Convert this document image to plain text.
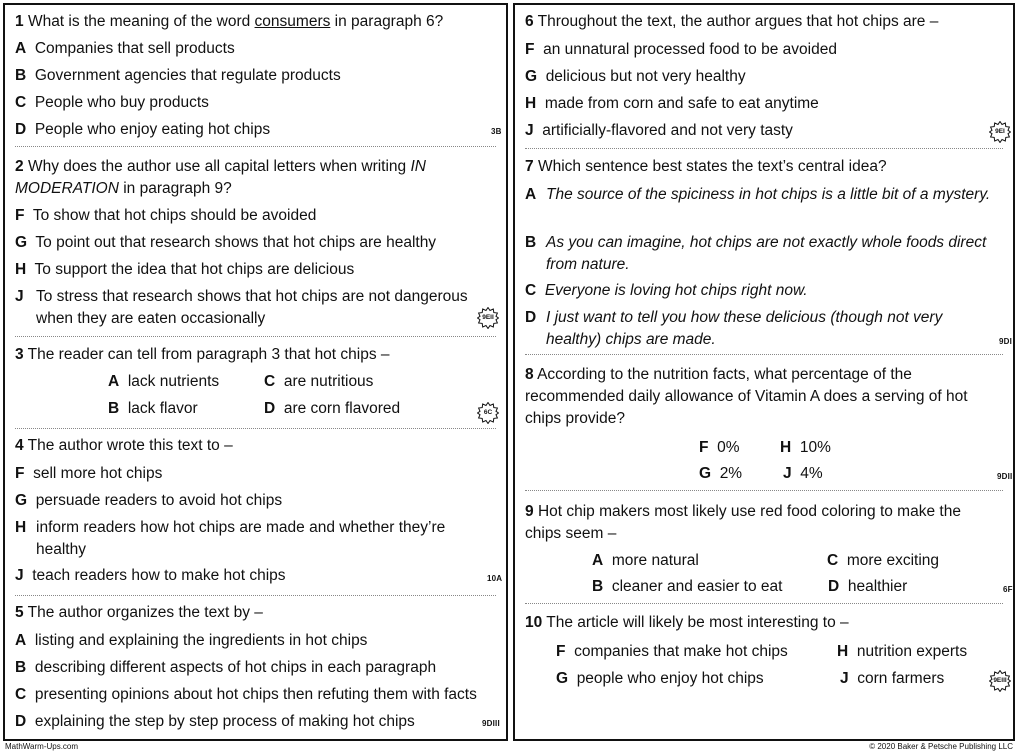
1 What is the meaning of the word consumers in paragraph 6?
A Companies that sell products
B Government agencies that regulate products
C People who buy products
D People who enjoy eating hot chips	3B
2 Why does the author use all capital letters when writing IN MODERATION in paragraph 9?
F To show that hot chips should be avoided
G To point out that research shows that hot chips are healthy
H To support the idea that hot chips are delicious
J To stress that research shows that hot chips are not dangerous when they are eaten occasionally	9EII
3 The reader can tell from paragraph 3 that hot chips –
A lack nutrients
B lack flavor
C are nutritious
D are corn flavored	6C
4 The author wrote this text to –
F sell more hot chips
G persuade readers to avoid hot chips
H inform readers how hot chips are made and whether they’re healthy
J teach readers how to make hot chips	10A
5 The author organizes the text by –
A listing and explaining the ingredients in hot chips
B describing different aspects of hot chips in each paragraph
C presenting opinions about hot chips then refuting them with facts
D explaining the step by step process of making hot chips	9DIII
6 Throughout the text, the author argues that hot chips are –
F an unnatural processed food to be avoided
G delicious but not very healthy
H made from corn and safe to eat anytime
J artificially-flavored and not very tasty	9EI
7 Which sentence best states the text’s central idea?
A The source of the spiciness in hot chips is a little bit of a mystery.
B As you can imagine, hot chips are not exactly whole foods direct from nature.
C Everyone is loving hot chips right now.
D I just want to tell you how these delicious (though not very healthy) chips are made.	9DI
8 According to the nutrition facts, what percentage of the recommended daily allowance of Vitamin A does a serving of hot chips provide?
F 0%
G 2%
H 10%
J 4%	9DII
9 Hot chip makers most likely use red food coloring to make the chips seem –
A more natural
B cleaner and easier to eat
C more exciting
D healthier	6F
10 The article will likely be most interesting to –
F companies that make hot chips
G people who enjoy hot chips
H nutrition experts
J corn farmers	9EIII
MathWarm-Ups.com	© 2020 Baker & Petsche Publishing LLC
